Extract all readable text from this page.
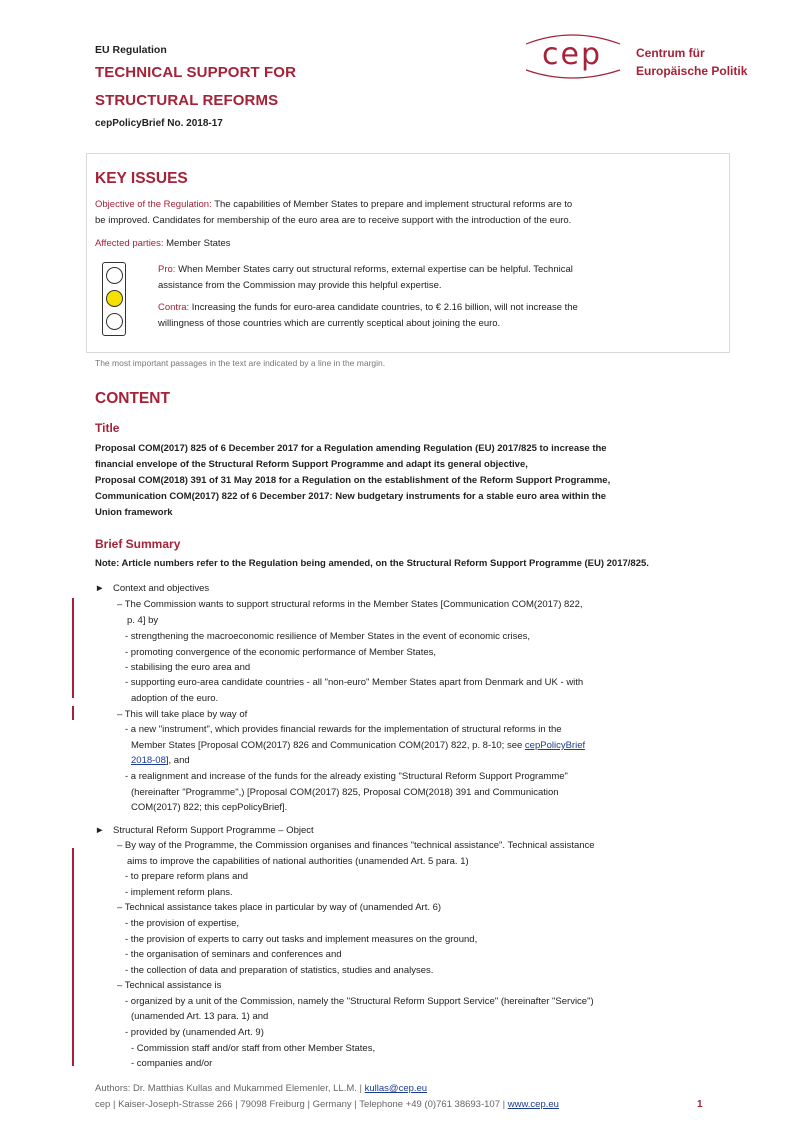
EU Regulation
TECHNICAL SUPPORT FOR
STRUCTURAL REFORMS
cepPolicyBrief No. 2018-17
cep	Centrum für
Europäische Politik
KEY ISSUES
Objective of the Regulation: The capabilities of Member States to prepare and implement structural reforms are to
be improved. Candidates for membership of the euro area are to receive support with the introduction of the euro.
Affected parties: Member States
Pro: When Member States carry out structural reforms, external expertise can be helpful. Technical
assistance from the Commission may provide this helpful expertise.
Contra: Increasing the funds for euro-area candidate countries, to € 2.16 billion, will not increase the
willingness of those countries which are currently sceptical about joining the euro.
The most important passages in the text are indicated by a line in the margin.
CONTENT
Title
Proposal COM(2017) 825 of 6 December 2017 for a Regulation amending Regulation (EU) 2017/825 to increase the
financial envelope of the Structural Reform Support Programme and adapt its general objective,
Proposal COM(2018) 391 of 31 May 2018 for a Regulation on the establishment of the Reform Support Programme,
Communication COM(2017) 822 of 6 December 2017: New budgetary instruments for a stable euro area within the
Union framework
Brief Summary
Note: Article numbers refer to the Regulation being amended, on the Structural Reform Support Programme (EU) 2017/825.
► Context and objectives
– The Commission wants to support structural reforms in the Member States [Communication COM(2017) 822,
p. 4] by
- strengthening the macroeconomic resilience of Member States in the event of economic crises,
- promoting convergence of the economic performance of Member States,
- stabilising the euro area and
- supporting euro-area candidate countries - all "non-euro" Member States apart from Denmark and UK - with
adoption of the euro.
– This will take place by way of
- a new "instrument", which provides financial rewards for the implementation of structural reforms in the
Member States [Proposal COM(2017) 826 and Communication COM(2017) 822, p. 8-10; see cepPolicyBrief
2018-08], and
- a realignment and increase of the funds for the already existing "Structural Reform Support Programme"
(hereinafter "Programme",) [Proposal COM(2017) 825, Proposal COM(2018) 391 and Communication
COM(2017) 822; this cepPolicyBrief].
► Structural Reform Support Programme – Object
– By way of the Programme, the Commission organises and finances "technical assistance". Technical assistance
aims to improve the capabilities of national authorities (unamended Art. 5 para. 1)
- to prepare reform plans and
- implement reform plans.
– Technical assistance takes place in particular by way of (unamended Art. 6)
- the provision of expertise,
- the provision of experts to carry out tasks and implement measures on the ground,
- the organisation of seminars and conferences and
- the collection of data and preparation of statistics, studies and analyses.
– Technical assistance is
- organized by a unit of the Commission, namely the "Structural Reform Support Service" (hereinafter "Service")
(unamended Art. 13 para. 1) and
- provided by (unamended Art. 9)
- Commission staff and/or staff from other Member States,
- companies and/or
Authors: Dr. Matthias Kullas and Mukammed Elemenler, LL.M. | kullas@cep.eu
cep | Kaiser-Joseph-Strasse 266 | 79098 Freiburg | Germany | Telephone +49 (0)761 38693-107 | www.cep.eu	1
